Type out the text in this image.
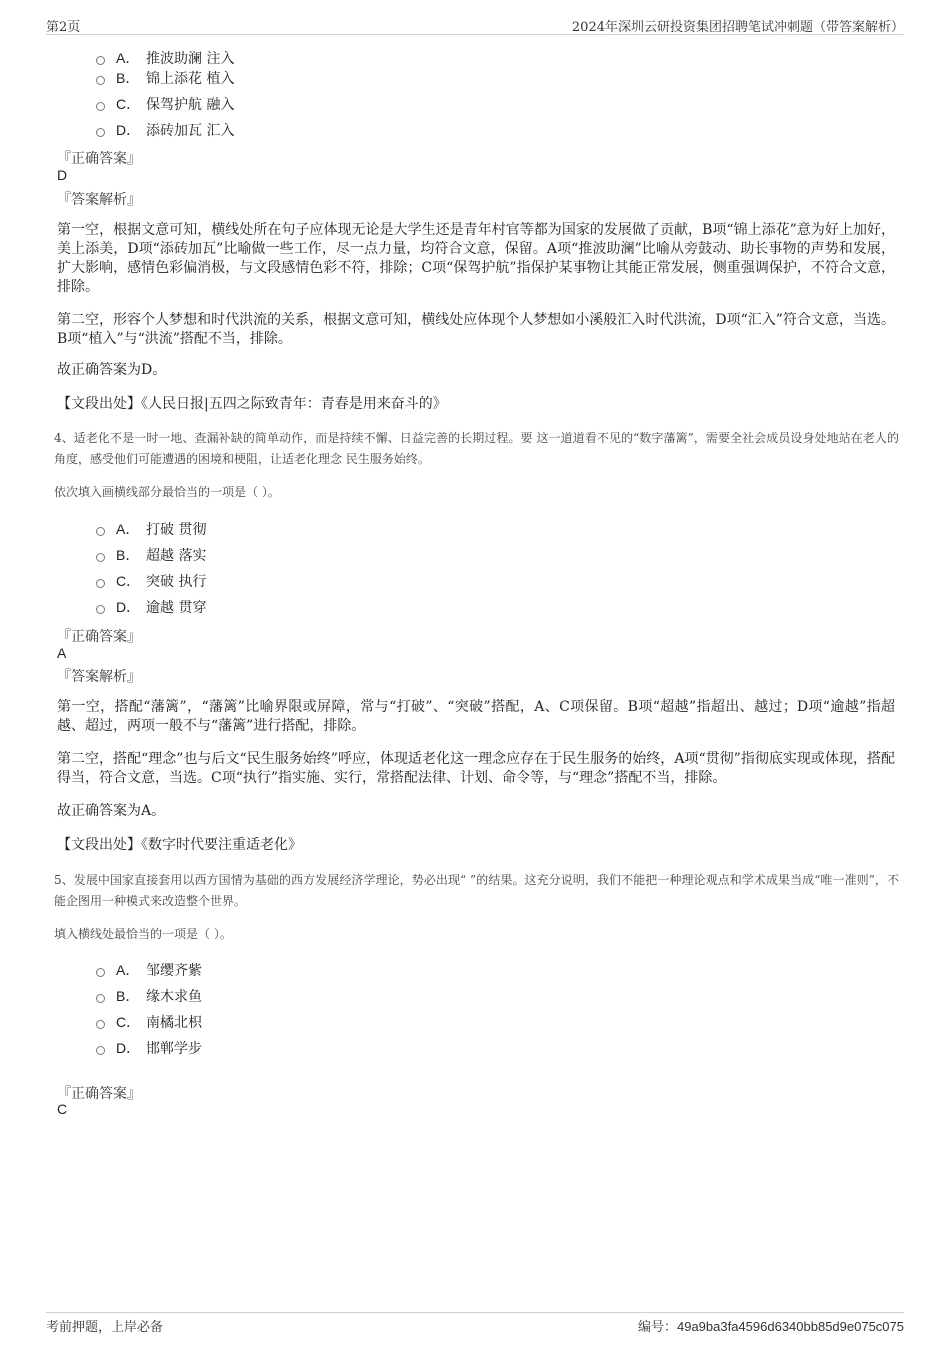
第2页	2024年深圳云研投资集团招聘笔试冲刺题（带答案解析）
A． 推波助澜 注入
B． 锦上添花 植入
C． 保驾护航 融入
D． 添砖加瓦 汇入
『正确答案』
D
『答案解析』
第一空，根据文意可知，横线处所在句子应体现无论是大学生还是青年村官等都为国家的发展做了贡献，B项“锦上添花”意为好上加好，美上添美，D项“添砖加瓦”比喻做一些工作，尽一点力量，均符合文意，保留。A项“推波助澜”比喻从旁鼓动、助长事物的声势和发展，扩大影响，感情色彩偏消极，与文段感情色彩不符，排除；C项“保驾护航”指保护某事物让其能正常发展，侧重强调保护，不符合文意，排除。
第二空，形容个人梦想和时代洪流的关系，根据文意可知，横线处应体现个人梦想如小溪般汇入时代洪流，D项“汇入”符合文意，当选。B项“植入”与“洪流”搭配不当，排除。
故正确答案为D。
【文段出处】《人民日报|五四之际致青年：青春是用来奋斗的》
4、适老化不是一时一地、查漏补缺的简单动作，而是持续不懈、日益完善的长期过程。要 这一道道看不见的“数字藩篱”，需要全社会成员设身处地站在老人的角度，感受他们可能遭遇的困境和梗阻，让适老化理念 民生服务始终。
依次填入画横线部分最恰当的一项是（ ）。
A． 打破 贯彻
B． 超越 落实
C． 突破 执行
D． 逾越 贯穿
『正确答案』
A
『答案解析』
第一空，搭配“藩篱”，“藩篱”比喻界限或屏障，常与“打破”、“突破”搭配，A、C项保留。B项“超越”指超出、越过；D项“逾越”指超越、超过，两项一般不与“藩篱”进行搭配，排除。
第二空，搭配“理念”也与后文“民生服务始终”呼应，体现适老化这一理念应存在于民生服务的始终，A项“贯彻”指彻底实现或体现，搭配得当，符合文意，当选。C项“执行”指实施、实行，常搭配法律、计划、命令等，与“理念”搭配不当，排除。
故正确答案为A。
【文段出处】《数字时代要注重适老化》
5、发展中国家直接套用以西方国情为基础的西方发展经济学理论，势必出现“ ”的结果。这充分说明，我们不能把一种理论观点和学术成果当成“唯一准则”，不能企图用一种模式来改造整个世界。
填入横线处最恰当的一项是（ ）。
A． 邹缨齐紫
B． 缘木求鱼
C． 南橘北枳
D． 邯郸学步
『正确答案』
C
考前押题，上岸必备	编号：49a9ba3fa4596d6340bb85d9e075c075
